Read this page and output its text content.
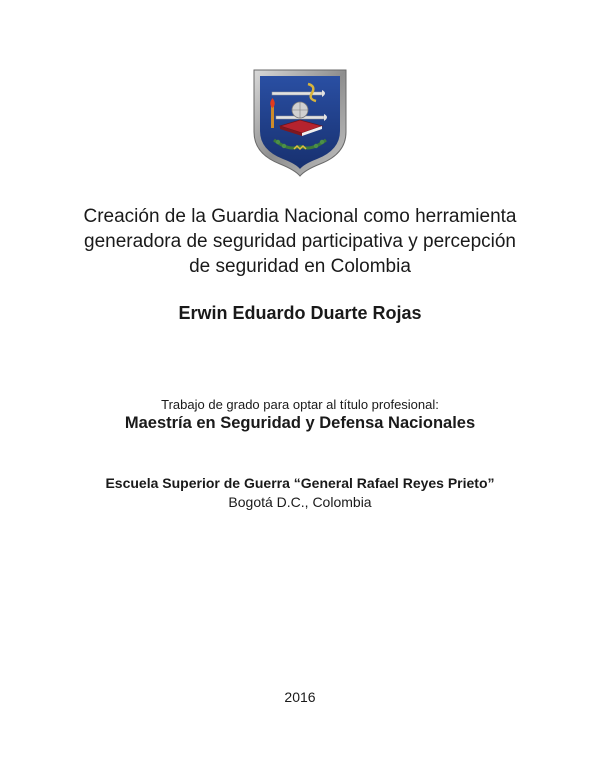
Creación de la Guardia Nacional como herramienta
generadora de seguridad participativa y percepción
de seguridad en Colombia
Erwin Eduardo Duarte Rojas
Trabajo de grado para optar al título profesional:
Maestría en Seguridad y Defensa Nacionales
Escuela Superior de Guerra “General Rafael Reyes Prieto”
Bogotá D.C., Colombia
2016
